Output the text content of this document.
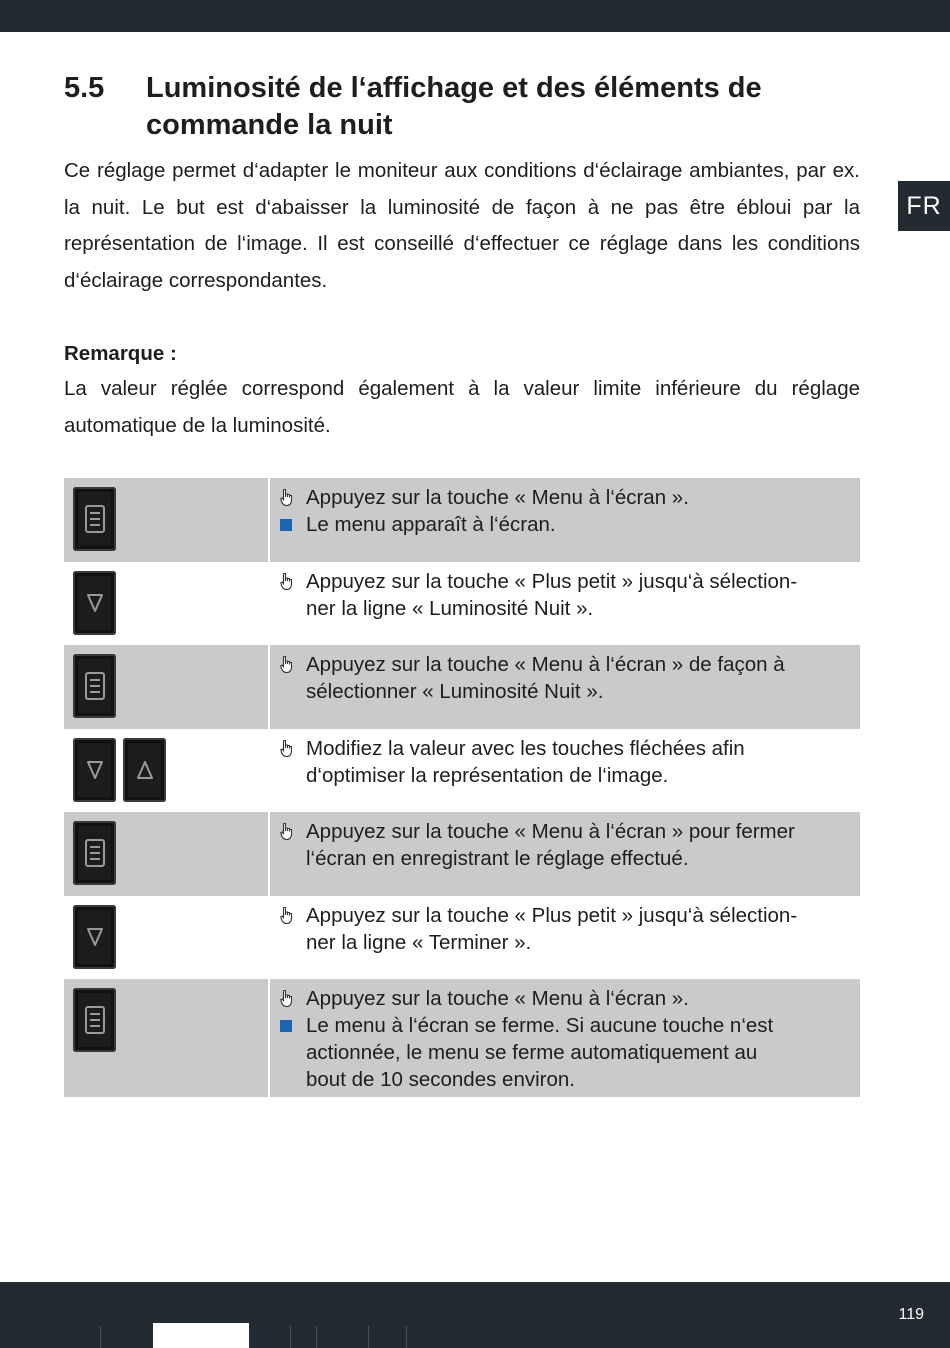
FR
5.5 Luminosité de l‘affichage et des éléments de commande la nuit

Ce réglage permet d‘adapter le moniteur aux conditions d‘éclairage ambiantes, par ex. la nuit. Le but est d‘abaisser la luminosité de façon à ne pas être ébloui par la représentation de l‘image. Il est conseillé d‘effectuer ce réglage dans les conditions d‘éclairage correspondantes.

Remarque :

La valeur réglée correspond également à la valeur limite inférieure du réglage automatique de la luminosité.

Appuyez sur la touche « Menu à l‘écran ».
Le menu apparaît à l‘écran.
Appuyez sur la touche « Plus petit » jusqu‘à sélection-
ner la ligne « Luminosité Nuit ».
Appuyez sur la touche « Menu à l‘écran » de façon à
sélectionner « Luminosité Nuit ».
Modifiez la valeur avec les touches fléchées afin
d‘optimiser la représentation de l‘image.
Appuyez sur la touche « Menu à l‘écran » pour fermer
l‘écran en enregistrant le réglage effectué.
Appuyez sur la touche « Plus petit » jusqu‘à sélection-
ner la ligne « Terminer ».
Appuyez sur la touche « Menu à l‘écran ».
Le menu à l‘écran se ferme. Si aucune touche n‘est
actionnée, le menu se ferme automatiquement au
bout de 10 secondes environ.
119
